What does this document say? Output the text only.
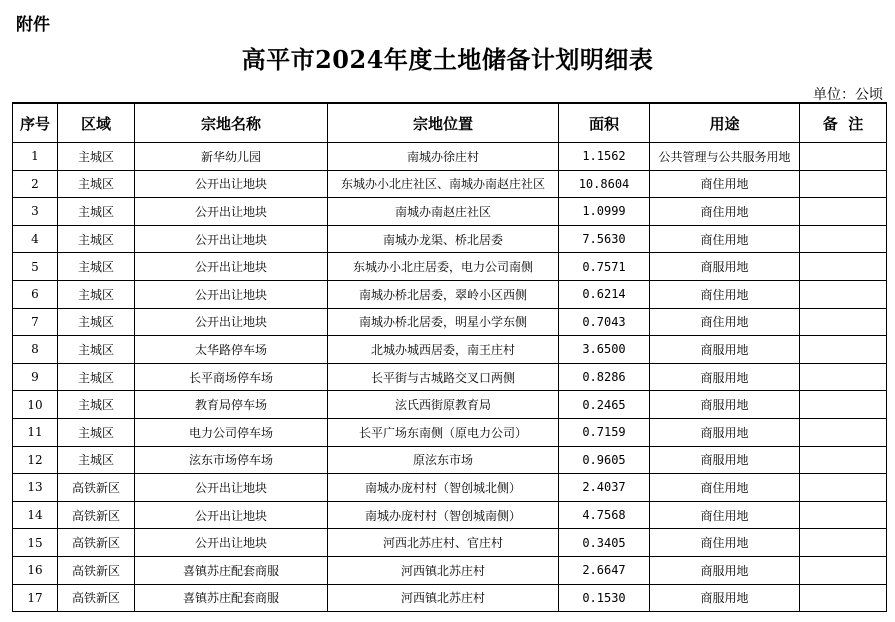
附件
高平市2024年度土地储备计划明细表
单位：公顷
序号	区域	宗地名称	宗地位置	面积	用途	备  注
1	主城区	新华幼儿园	南城办徐庄村	1.1562	公共管理与公共服务用地	
2	主城区	公开出让地块	东城办小北庄社区、南城办南赵庄社区	10.8604	商住用地	
3	主城区	公开出让地块	南城办南赵庄社区	1.0999	商住用地	
4	主城区	公开出让地块	南城办龙渠、桥北居委	7.5630	商住用地	
5	主城区	公开出让地块	东城办小北庄居委，电力公司南侧	0.7571	商服用地	
6	主城区	公开出让地块	南城办桥北居委，翠岭小区西侧	0.6214	商住用地	
7	主城区	公开出让地块	南城办桥北居委，明星小学东侧	0.7043	商住用地	
8	主城区	太华路停车场	北城办城西居委，南王庄村	3.6500	商服用地	
9	主城区	长平商场停车场	长平街与古城路交叉口两侧	0.8286	商服用地	
10	主城区	教育局停车场	泫氏西街原教育局	0.2465	商服用地	
11	主城区	电力公司停车场	长平广场东南侧（原电力公司）	0.7159	商服用地	
12	主城区	泫东市场停车场	原泫东市场	0.9605	商服用地	
13	高铁新区	公开出让地块	南城办庞村村（智创城北侧）	2.4037	商住用地	
14	高铁新区	公开出让地块	南城办庞村村（智创城南侧）	4.7568	商住用地	
15	高铁新区	公开出让地块	河西北苏庄村、官庄村	0.3405	商住用地	
16	高铁新区	喜镇苏庄配套商服	河西镇北苏庄村	2.6647	商服用地	
17	高铁新区	喜镇苏庄配套商服	河西镇北苏庄村	0.1530	商服用地	
